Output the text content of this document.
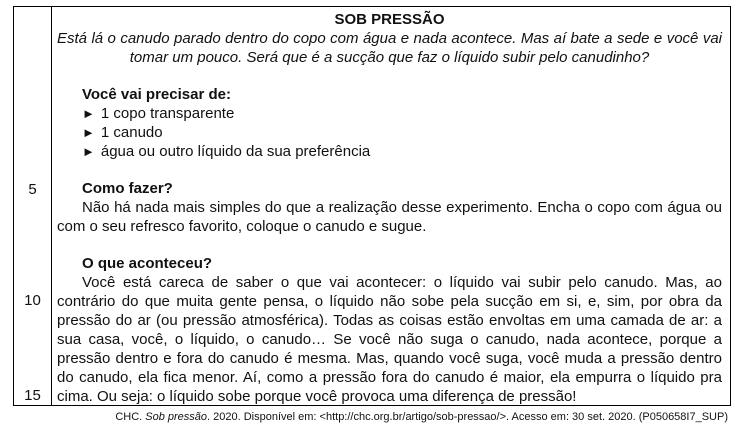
5
10
15
SOB PRESSÃO
Está lá o canudo parado dentro do copo com água e nada acontece. Mas aí bate a sede e você vai tomar um pouco. Será que é a sucção que faz o líquido subir pelo canudinho?
Você vai precisar de:
► 1 copo transparente
► 1 canudo
► água ou outro líquido da sua preferência
Como fazer?
Não há nada mais simples do que a realização desse experimento. Encha o copo com água ou com o seu refresco favorito, coloque o canudo e sugue.
O que aconteceu?
Você está careca de saber o que vai acontecer: o líquido vai subir pelo canudo. Mas, ao contrário do que muita gente pensa, o líquido não sobe pela sucção em si, e, sim, por obra da pressão do ar (ou pressão atmosférica). Todas as coisas estão envoltas em uma camada de ar: a sua casa, você, o líquido, o canudo… Se você não suga o canudo, nada acontece, porque a pressão dentro e fora do canudo é mesma. Mas, quando você suga, você muda a pressão dentro do canudo, ela fica menor. Aí, como a pressão fora do canudo é maior, ela empurra o líquido pra cima. Ou seja: o líquido sobe porque você provoca uma diferença de pressão!
CHC. Sob pressão. 2020. Disponível em: <http://chc.org.br/artigo/sob-pressao/>. Acesso em: 30 set. 2020. (P050658I7_SUP)
